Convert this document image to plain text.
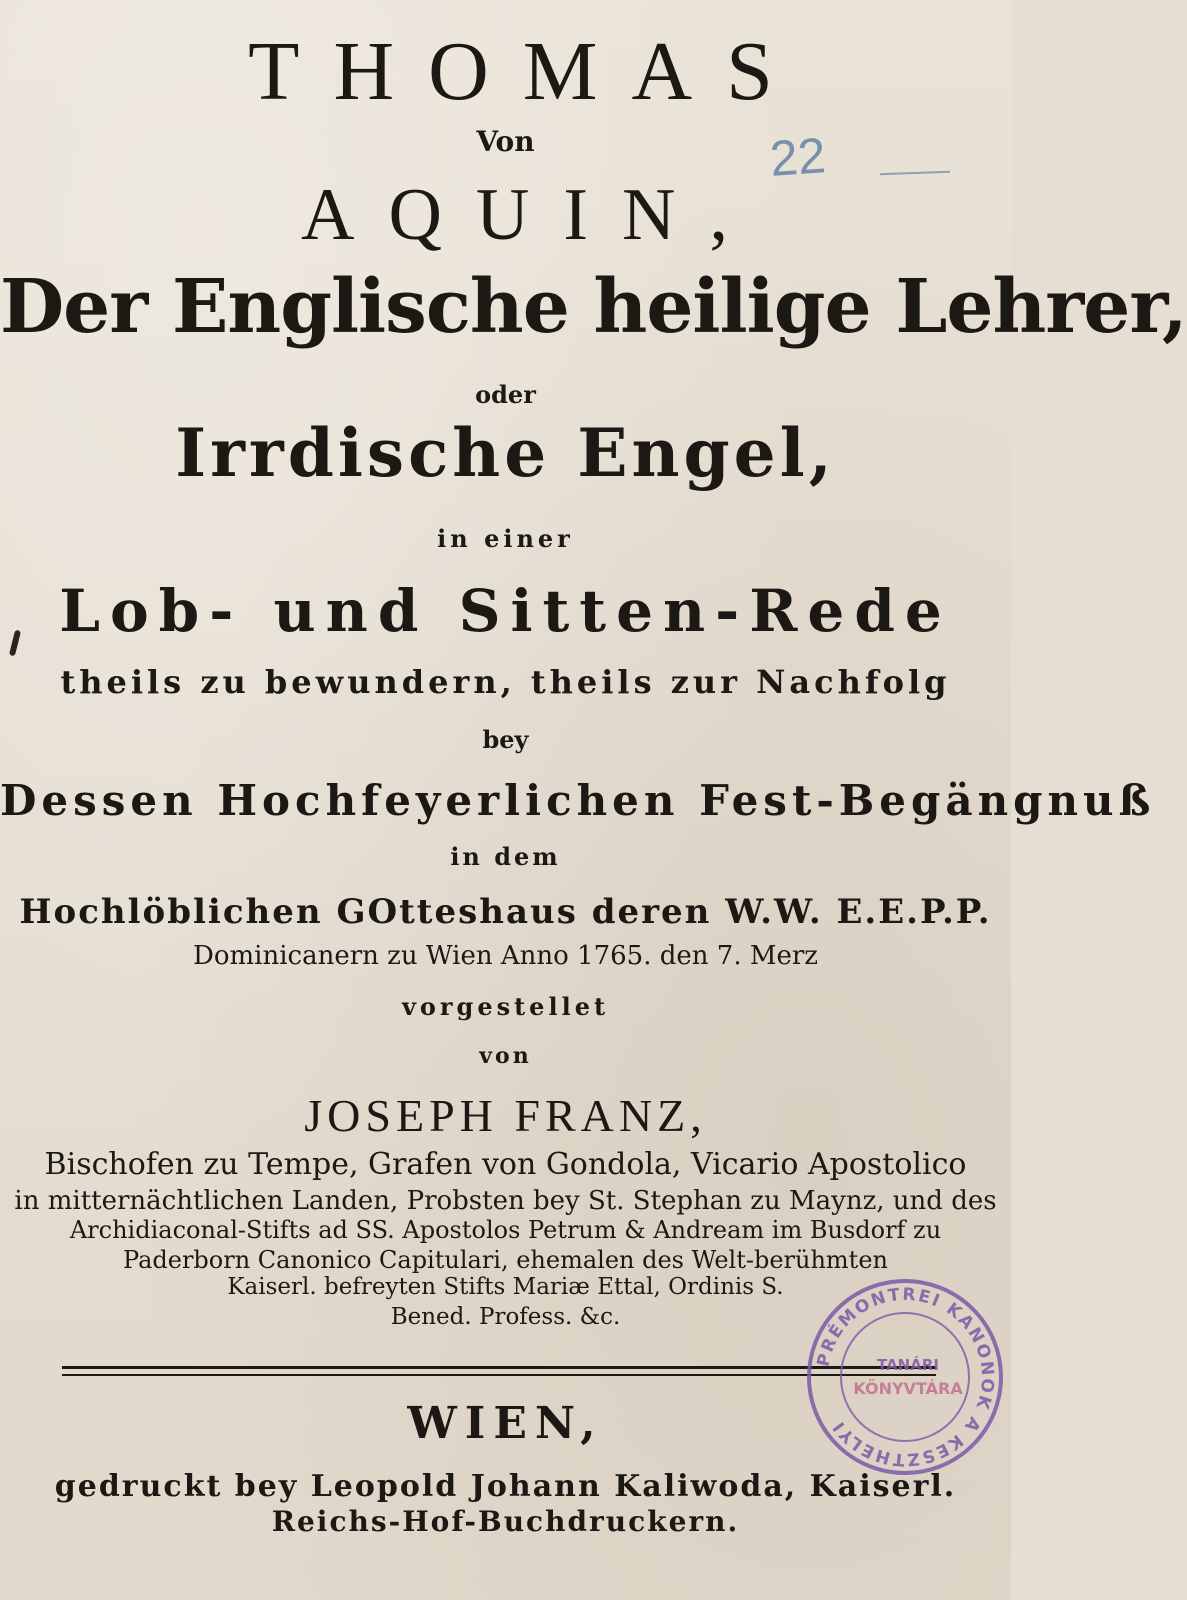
THOMAS
Von
AQUIN,
22
Der Englische heilige Lehrer,
oder
Irrdische Engel,
in einer
Lob- und Sitten-Rede
theils zu bewundern, theils zur Nachfolg
bey
Dessen Hochfeyerlichen Fest-Begängnuß
in dem
Hochlöblichen GOtteshaus deren W.W. E.E.P.P.
Dominicanern zu Wien Anno 1765. den 7. Merz
vorgestellet
von
JOSEPH FRANZ,
Bischofen zu Tempe, Grafen von Gondola, Vicario Apostolico
in mitternächtlichen Landen, Probsten bey St. Stephan zu Maynz, und des
Archidiaconal-Stifts ad SS. Apostolos Petrum & Andream im Busdorf zu
Paderborn Canonico Capitulari, ehemalen des Welt-berühmten
Kaiserl. befreyten Stifts Mariæ Ettal, Ordinis S.
Bened. Profess. &c.
WIEN,
gedruckt bey Leopold Johann Kaliwoda, Kaiserl.
Reichs-Hof-Buchdruckern.
PRÉMONTREI KANONOK A KESZTHELYI
TANÁRI
KÖNYVTÁRA
